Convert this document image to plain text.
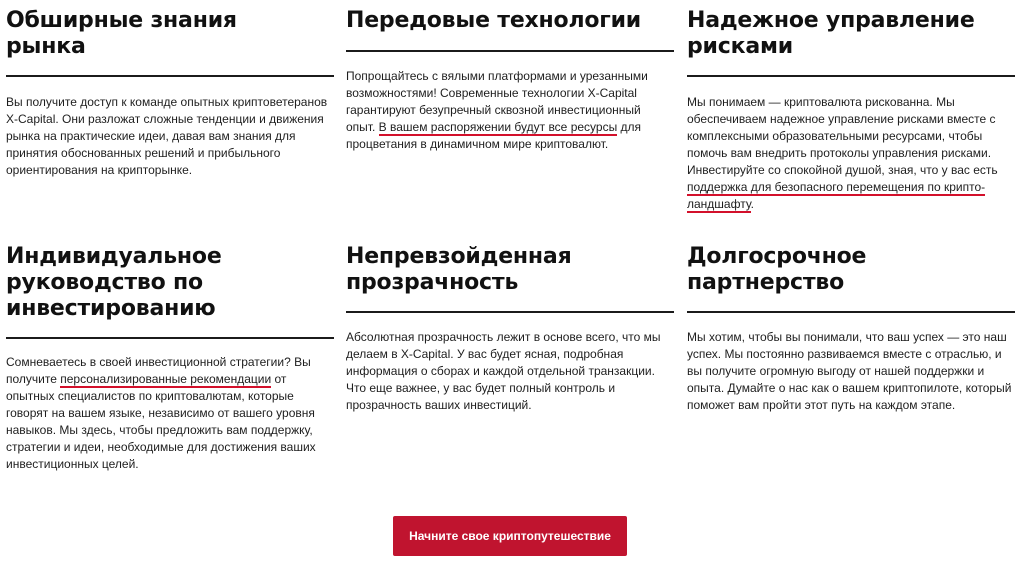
Обширные знания рынка

Вы получите доступ к команде опытных криптоветеранов X-Capital. Они разложат сложные тенденции и движения рынка на практические идеи, давая вам знания для принятия обоснованных решений и прибыльного ориентирования на крипторынке.

Передовые технологии

Попрощайтесь с вялыми платформами и урезанными возможностями! Современные технологии X-Capital гарантируют безупречный сквозной инвестиционный опыт. В вашем распоряжении будут все ресурсы для процветания в динамичном мире криптовалют.

Надежное управление рисками

Мы понимаем — криптовалюта рискованна. Мы обеспечиваем надежное управление рисками вместе с комплексными образовательными ресурсами, чтобы помочь вам внедрить протоколы управления рисками. Инвестируйте со спокойной душой, зная, что у вас есть поддержка для безопасного перемещения по крипто-ландшафту.

Индивидуальное руководство по инвестированию

Сомневаетесь в своей инвестиционной стратегии? Вы получите персонализированные рекомендации от опытных специалистов по криптовалютам, которые говорят на вашем языке, независимо от вашего уровня навыков. Мы здесь, чтобы предложить вам поддержку, стратегии и идеи, необходимые для достижения ваших инвестиционных целей.

Непревзойденная прозрачность

Абсолютная прозрачность лежит в основе всего, что мы делаем в X-Capital. У вас будет ясная, подробная информация о сборах и каждой отдельной транзакции. Что еще важнее, у вас будет полный контроль и прозрачность ваших инвестиций.

Долгосрочное партнерство

Мы хотим, чтобы вы понимали, что ваш успех — это наш успех. Мы постоянно развиваемся вместе с отраслью, и вы получите огромную выгоду от нашей поддержки и опыта. Думайте о нас как о вашем криптопилоте, который поможет вам пройти этот путь на каждом этапе.

Начните свое криптопутешествие
